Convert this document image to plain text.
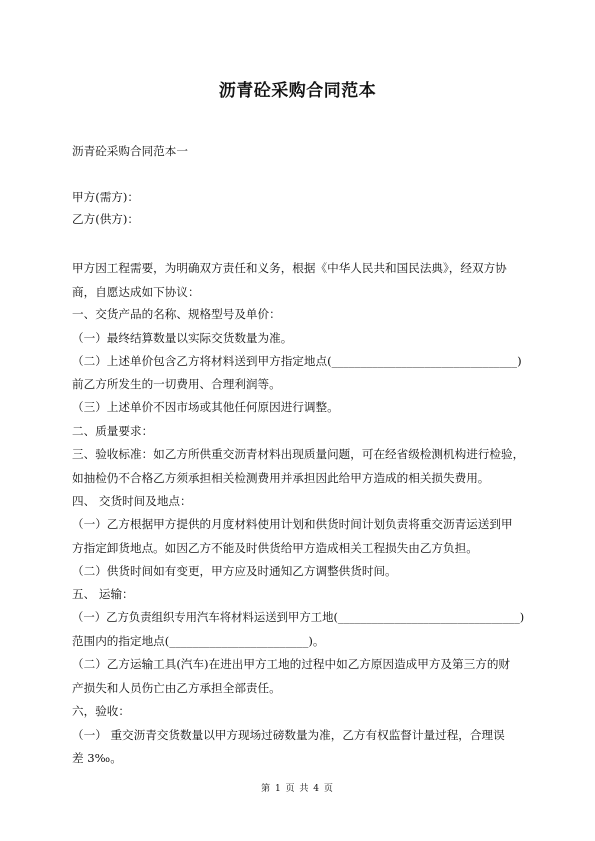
沥青砼采购合同范本
沥青砼采购合同范本一
甲方(需方)：
乙方(供方)：
甲方因工程需要，为明确双方责任和义务，根据《中华人民共和国民法典》，经双方协
商，自愿达成如下协议：
一、交货产品的名称、规格型号及单价：
（一）最终结算数量以实际交货数量为准。
（二）上述单价包含乙方将材料送到甲方指定地点(________________________________)
前乙方所发生的一切费用、合理利润等。
（三）上述单价不因市场或其他任何原因进行调整。
二、质量要求：
三、验收标准：如乙方所供重交沥青材料出现质量问题，可在经省级检测机构进行检验，
如抽检仍不合格乙方须承担相关检测费用并承担因此给甲方造成的相关损失费用。
四、 交货时间及地点：
（一）乙方根据甲方提供的月度材料使用计划和供货时间计划负责将重交沥青运送到甲
方指定卸货地点。如因乙方不能及时供货给甲方造成相关工程损失由乙方负担。
（二）供货时间如有变更，甲方应及时通知乙方调整供货时间。
五、 运输：
（一）乙方负责组织专用汽车将材料运送到甲方工地(________________________________)
范围内的指定地点(________________________)。
（二）乙方运输工具(汽车)在进出甲方工地的过程中如乙方原因造成甲方及第三方的财
产损失和人员伤亡由乙方承担全部责任。
六，验收：
（一） 重交沥青交货数量以甲方现场过磅数量为准，乙方有权监督计量过程，合理误
差 3‰。
第 1 页 共 4 页
